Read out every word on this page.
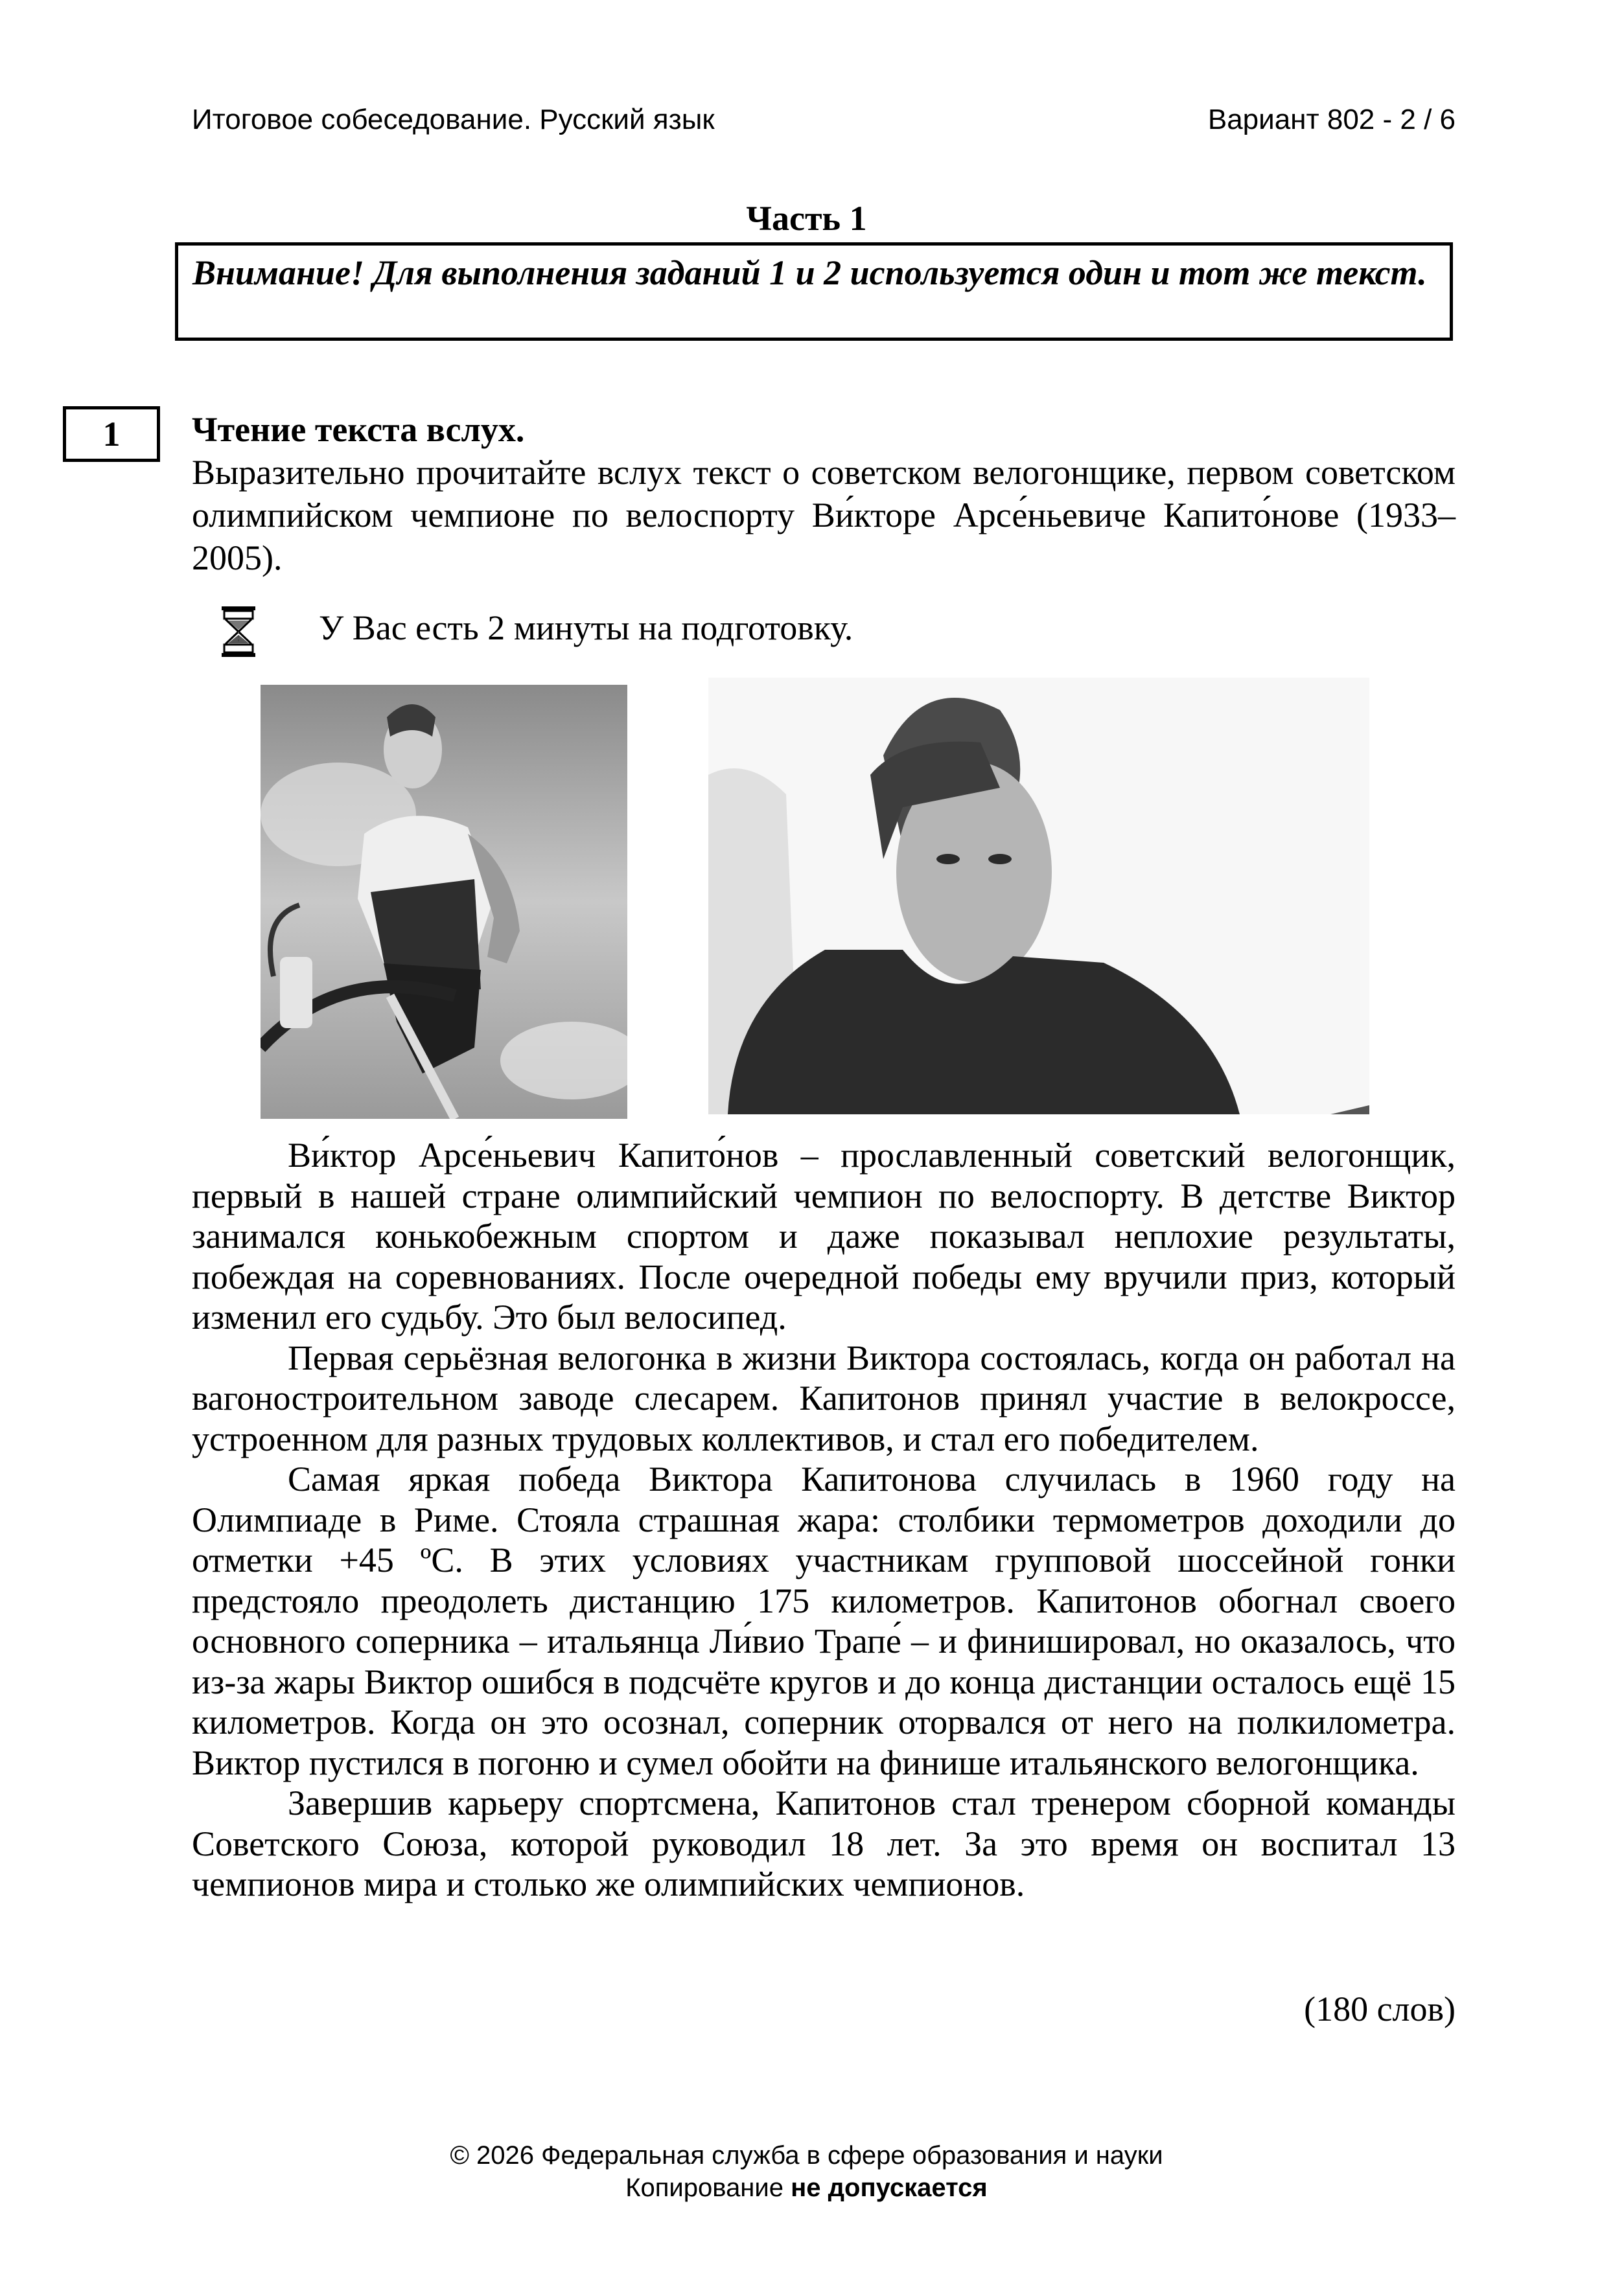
Итоговое собеседование. Русский язык	Вариант 802 - 2 / 6
Часть 1

Внимание! Для выполнения заданий 1 и 2 используется один и тот же текст.

1	Чтение текста вслух.

Выразительно прочитайте вслух текст о советском велогонщике, первом советском олимпийском чемпионе по велоспорту Ви́кторе Арсе́ньевиче Капито́нове (1933–2005).

У Вас есть 2 минуты на подготовку.

Ви́ктор Арсе́ньевич Капито́нов – прославленный советский велогонщик, первый в нашей стране олимпийский чемпион по велоспорту. В детстве Виктор занимался конькобежным спортом и даже показывал неплохие результаты, побеждая на соревнованиях. После очередной победы ему вручили приз, который изменил его судьбу. Это был велосипед.

Первая серьёзная велогонка в жизни Виктора состоялась, когда он работал на вагоностроительном заводе слесарем. Капитонов принял участие в велокроссе, устроенном для разных трудовых коллективов, и стал его победителем.

Самая яркая победа Виктора Капитонова случилась в 1960 году на Олимпиаде в Риме. Стояла страшная жара: столбики термометров доходили до отметки +45 ºС. В этих условиях участникам групповой шоссейной гонки предстояло преодолеть дистанцию 175 километров. Капитонов обогнал своего основного соперника – итальянца Ли́вио Трапе́ – и финишировал, но оказалось, что из-за жары Виктор ошибся в подсчёте кругов и до конца дистанции осталось ещё 15 километров. Когда он это осознал, соперник оторвался от него на полкилометра. Виктор пустился в погоню и сумел обойти на финише итальянского велогонщика.

Завершив карьеру спортсмена, Капитонов стал тренером сборной команды Советского Союза, которой руководил 18 лет. За это время он воспитал 13 чемпионов мира и столько же олимпийских чемпионов.

(180 слов)
© 2026 Федеральная служба в сфере образования и науки
Копирование не допускается
